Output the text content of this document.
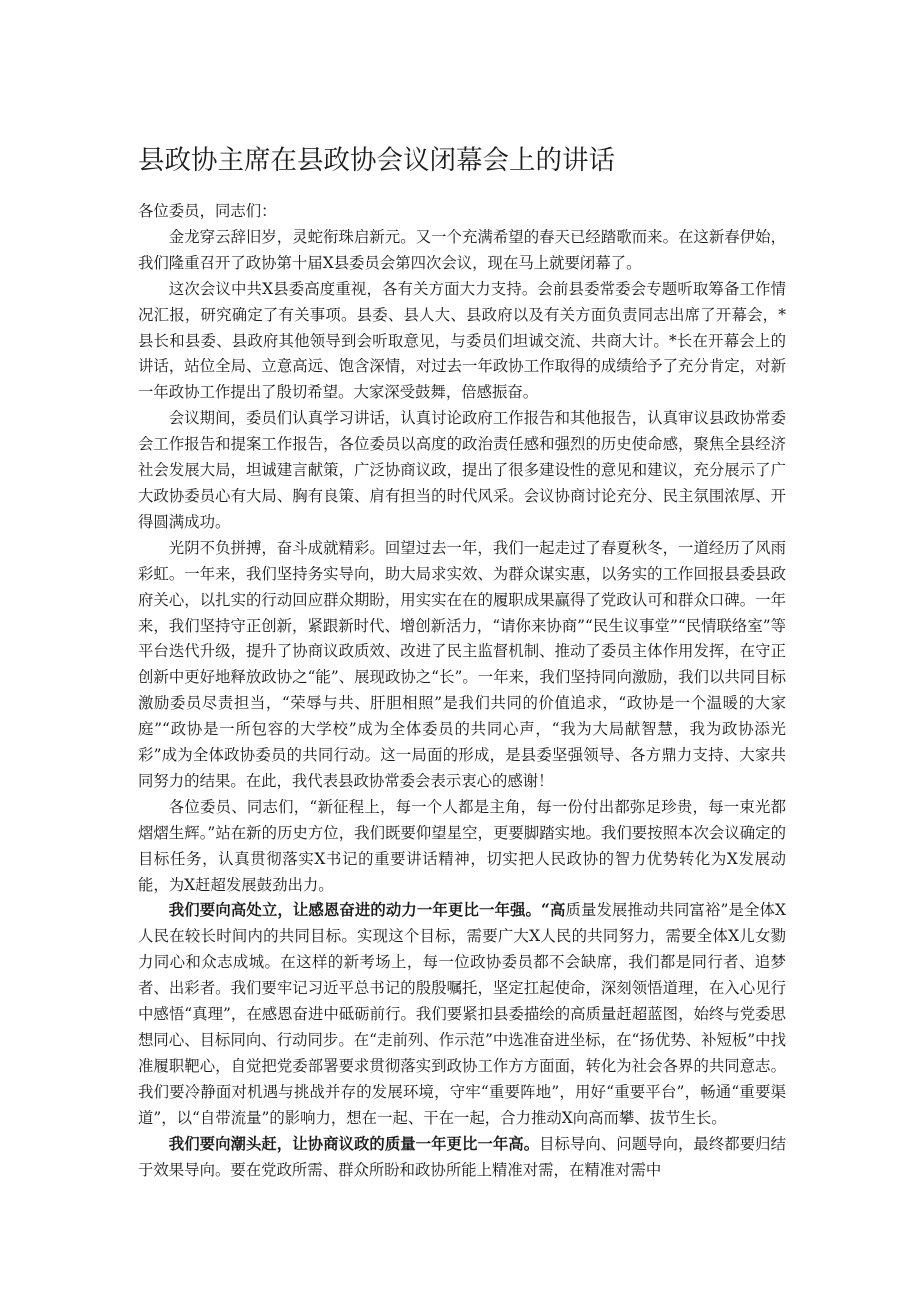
县政协主席在县政协会议闭幕会上的讲话

各位委员，同志们：

金龙穿云辞旧岁，灵蛇衔珠启新元。又一个充满希望的春天已经踏歌而来。在这新春伊始，我们隆重召开了政协第十届X县委员会第四次会议，现在马上就要闭幕了。

这次会议中共X县委高度重视，各有关方面大力支持。会前县委常委会专题听取筹备工作情况汇报，研究确定了有关事项。县委、县人大、县政府以及有关方面负责同志出席了开幕会，*县长和县委、县政府其他领导到会听取意见，与委员们坦诚交流、共商大计。*长在开幕会上的讲话，站位全局、立意高远、饱含深情，对过去一年政协工作取得的成绩给予了充分肯定，对新一年政协工作提出了殷切希望。大家深受鼓舞，倍感振奋。

会议期间，委员们认真学习讲话，认真讨论政府工作报告和其他报告，认真审议县政协常委会工作报告和提案工作报告，各位委员以高度的政治责任感和强烈的历史使命感，聚焦全县经济社会发展大局，坦诚建言献策，广泛协商议政，提出了很多建设性的意见和建议，充分展示了广大政协委员心有大局、胸有良策、肩有担当的时代风采。会议协商讨论充分、民主氛围浓厚、开得圆满成功。

光阴不负拼搏，奋斗成就精彩。回望过去一年，我们一起走过了春夏秋冬，一道经历了风雨彩虹。一年来，我们坚持务实导向，助大局求实效、为群众谋实惠，以务实的工作回报县委县政府关心，以扎实的行动回应群众期盼，用实实在在的履职成果赢得了党政认可和群众口碑。一年来，我们坚持守正创新，紧跟新时代、增创新活力，“请你来协商”“民生议事堂”“民情联络室”等平台迭代升级，提升了协商议政质效、改进了民主监督机制、推动了委员主体作用发挥，在守正创新中更好地释放政协之“能”、展现政协之“长”。一年来，我们坚持同向激励，我们以共同目标激励委员尽责担当，“荣辱与共、肝胆相照”是我们共同的价值追求，“政协是一个温暖的大家庭”“政协是一所包容的大学校”成为全体委员的共同心声，“我为大局献智慧，我为政协添光彩”成为全体政协委员的共同行动。这一局面的形成，是县委坚强领导、各方鼎力支持、大家共同努力的结果。在此，我代表县政协常委会表示衷心的感谢！

各位委员、同志们，“新征程上，每一个人都是主角，每一份付出都弥足珍贵，每一束光都熠熠生辉。”站在新的历史方位，我们既要仰望星空，更要脚踏实地。我们要按照本次会议确定的目标任务，认真贯彻落实X书记的重要讲话精神，切实把人民政协的智力优势转化为X发展动能，为X赶超发展鼓劲出力。

我们要向高处立，让感恩奋进的动力一年更比一年强。“高质量发展推动共同富裕”是全体X人民在较长时间内的共同目标。实现这个目标，需要广大X人民的共同努力，需要全体X儿女勠力同心和众志成城。在这样的新考场上，每一位政协委员都不会缺席，我们都是同行者、追梦者、出彩者。我们要牢记习近平总书记的殷殷嘱托，坚定扛起使命，深刻领悟道理，在入心见行中感悟“真理”，在感恩奋进中砥砺前行。我们要紧扣县委描绘的高质量赶超蓝图，始终与党委思想同心、目标同向、行动同步。在“走前列、作示范”中选准奋进坐标，在“扬优势、补短板”中找准履职靶心，自觉把党委部署要求贯彻落实到政协工作方方面面，转化为社会各界的共同意志。我们要冷静面对机遇与挑战并存的发展环境，守牢“重要阵地”，用好“重要平台”，畅通“重要渠道”，以“自带流量”的影响力，想在一起、干在一起，合力推动X向高而攀、拔节生长。

我们要向潮头赶，让协商议政的质量一年更比一年高。目标导向、问题导向，最终都要归结于效果导向。要在党政所需、群众所盼和政协所能上精准对需，在精准对需中
